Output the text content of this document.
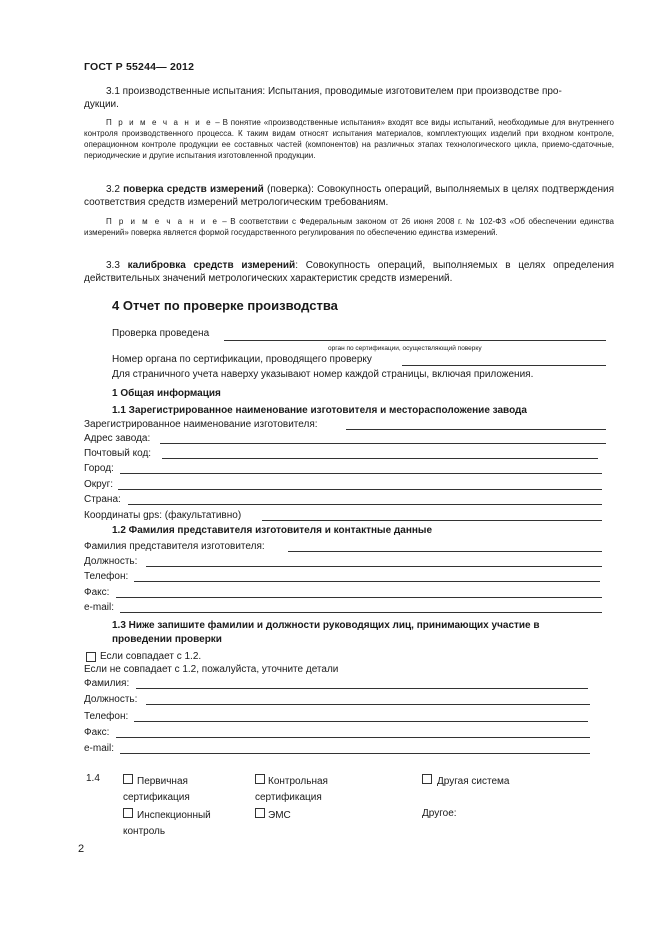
ГОСТ Р 55244— 2012
3.1 производственные испытания: Испытания, проводимые изготовителем при производстве про-
дукции.
П р и м е ч а н и е – В понятие «производственные испытания» входят все виды испытаний, необходимые для внутреннего контроля производственного процесса. К таким видам относят испытания материалов, комплектующих изделий при входном контроле, операционном контроле продукции ее составных частей (компонентов) на различных этапах технологического цикла, приемо-сдаточные, периодические и другие испытания изготовленной продукции.
3.2 поверка средств измерений (поверка): Совокупность операций, выполняемых в целях подтверждения соответствия средств измерений метрологическим требованиям.
П р и м е ч а н и е – В соответствии с Федеральным законом от 26 июня 2008 г. № 102-ФЗ «Об обеспечении единства измерений» поверка является формой государственного регулирования по обеспечению единства измерений.
3.3 калибровка средств измерений: Совокупность операций, выполняемых в целях определения действительных значений метрологических характеристик средств измерений.
4 Отчет по проверке производства
Проверка проведена
орган по сертификации, осуществляющий поверку
Номер органа по сертификации, проводящего проверку
Для страничного учета наверху указывают номер каждой страницы, включая приложения.
1 Общая информация
1.1 Зарегистрированное наименование изготовителя и месторасположение завода
Зарегистрированное наименование изготовителя:
Адрес завода:
Почтовый код:
Город:
Округ:
Страна:
Координаты gps: (факультативно)
1.2 Фамилия представителя изготовителя и контактные данные
Фамилия представителя изготовителя:
Должность:
Телефон:
Факс:
e-mail:
1.3 Ниже запишите фамилии и должности руководящих лиц, принимающих участие в
проведении проверки
Если совпадает с 1.2.
Если не совпадает с 1.2, пожалуйста, уточните детали
Фамилия:
Должность:
Телефон:
Факс:
e-mail:
1.4	Первичная
сертификация
Контрольная
сертификация
Другая система
Инспекционный
контроль
ЭМС	Другое:
2
